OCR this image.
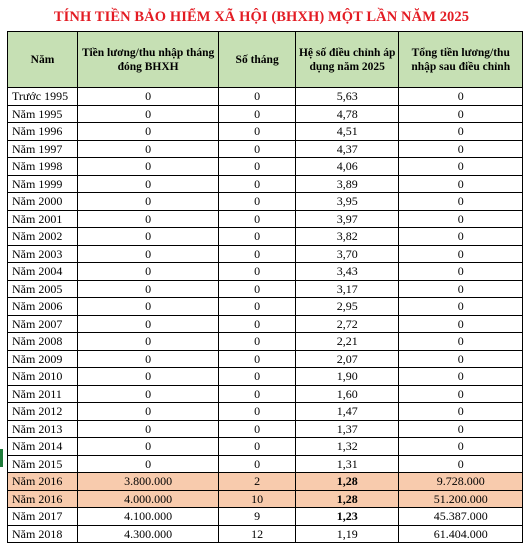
TÍNH TIỀN BẢO HIỂM XÃ HỘI (BHXH) MỘT LẦN NĂM 2025
Năm	Tiền lương/thu nhập tháng đóng BHXH	Số tháng	Hệ số điều chỉnh áp dụng năm 2025	Tổng tiền lương/thu nhập sau điều chỉnh
Trước 1995	0	0	5,63	0
Năm 1995	0	0	4,78	0
Năm 1996	0	0	4,51	0
Năm 1997	0	0	4,37	0
Năm 1998	0	0	4,06	0
Năm 1999	0	0	3,89	0
Năm 2000	0	0	3,95	0
Năm 2001	0	0	3,97	0
Năm 2002	0	0	3,82	0
Năm 2003	0	0	3,70	0
Năm 2004	0	0	3,43	0
Năm 2005	0	0	3,17	0
Năm 2006	0	0	2,95	0
Năm 2007	0	0	2,72	0
Năm 2008	0	0	2,21	0
Năm 2009	0	0	2,07	0
Năm 2010	0	0	1,90	0
Năm 2011	0	0	1,60	0
Năm 2012	0	0	1,47	0
Năm 2013	0	0	1,37	0
Năm 2014	0	0	1,32	0
Năm 2015	0	0	1,31	0
Năm 2016	3.800.000	2	1,28	9.728.000
Năm 2016	4.000.000	10	1,28	51.200.000
Năm 2017	4.100.000	9	1,23	45.387.000
Năm 2018	4.300.000	12	1,19	61.404.000
